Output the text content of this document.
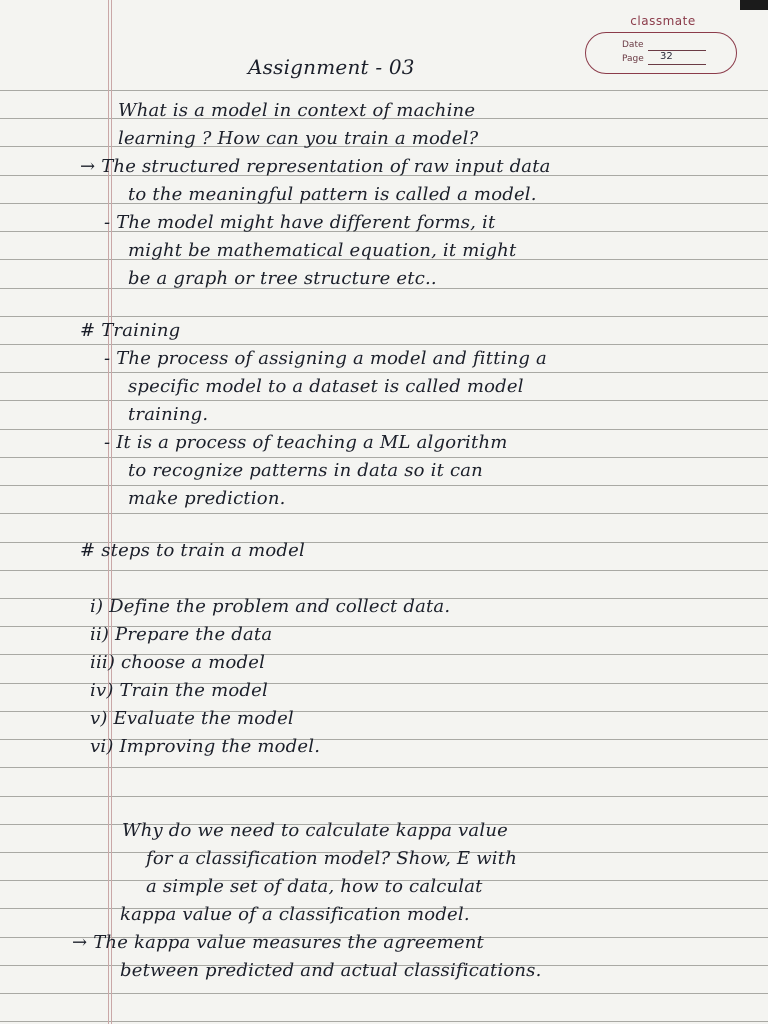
classmate
Date
Page 32
Assignment - 03
What is a model in context of machine
learning ? How can you train a model?
→ The structured representation of raw input data
to the meaningful pattern is called a model.
- The model might have different forms, it
might be mathematical equation, it might
be a graph or tree structure etc..
# Training
- The process of assigning a model and fitting a
specific model to a dataset is called model
training.
- It is a process of teaching a ML algorithm
to recognize patterns in data so it can
make prediction.
# steps to train a model
i) Define the problem and collect data.
ii) Prepare the data
iii) choose a model
iv) Train the model
v) Evaluate the model
vi) Improving the model.
Why do we need to calculate kappa value
for a classification model? Show, E with
a simple set of data, how to calculat
kappa value of a classification model.
→ The kappa value measures the agreement
between predicted and actual classifications.
